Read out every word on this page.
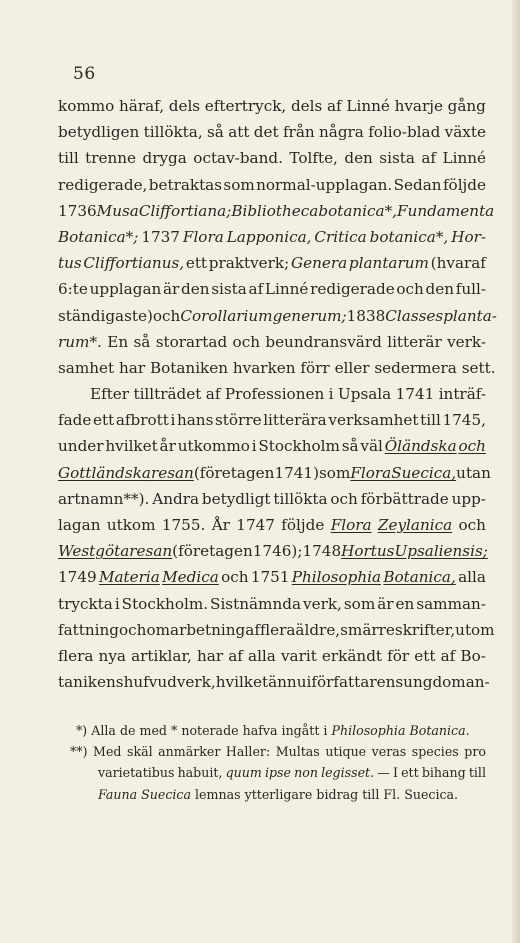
56
kommo häraf, dels eftertryck, dels af Linné hvarje gång
betydligen tillökta, så att det från några folio-blad växte
till trenne dryga octav-band. Tolfte, den sista af Linné
redigerade, betraktas som normal-upplagan. Sedan följde
1736 Musa Cliffortiana; Bibliotheca botanica*, Fundamenta
Botanica*; 1737 Flora Lapponica, Critica botanica*, Hor-
tus Cliffortianus, ett praktverk; Genera plantarum (hvaraf
6:te upplagan är den sista af Linné redigerade och den full-
ständigaste) och Corollarium generum; 1838 Classes planta-
rum*. En så storartad och beundransvärd litterär verk-
samhet har Botaniken hvarken förr eller sedermera sett.
Efter tillträdet af Professionen i Upsala 1741 inträf-
fade ett afbrott i hans större litterära verksamhet till 1745,
under hvilket år utkommo i Stockholm så väl Öländska och
Gottländska resan (företagen 1741) som Flora Suecica, utan
artnamn**). Andra betydligt tillökta och förbättrade upp-
lagan utkom 1755. År 1747 följde Flora Zeylanica och
Westgöta resan (företagen 1746); 1748 Hortus Upsaliensis;
1749 Materia Medica och 1751 Philosophia Botanica, alla
tryckta i Stockholm. Sistnämnda verk, som är en samman-
fattning och omarbetning af flera äldre, smärre skrifter, utom
flera nya artiklar, har af alla varit erkändt för ett af Bo-
tanikens hufvudverk, hvilket ännu i författarens ungdom an-
*) Alla de med * noterade hafva ingått i Philosophia Botanica.
**) Med skäl anmärker Haller: Multas utique veras species pro
varietatibus habuit, quum ipse non legisset. — I ett bihang till
Fauna Suecica lemnas ytterligare bidrag till Fl. Suecica.
